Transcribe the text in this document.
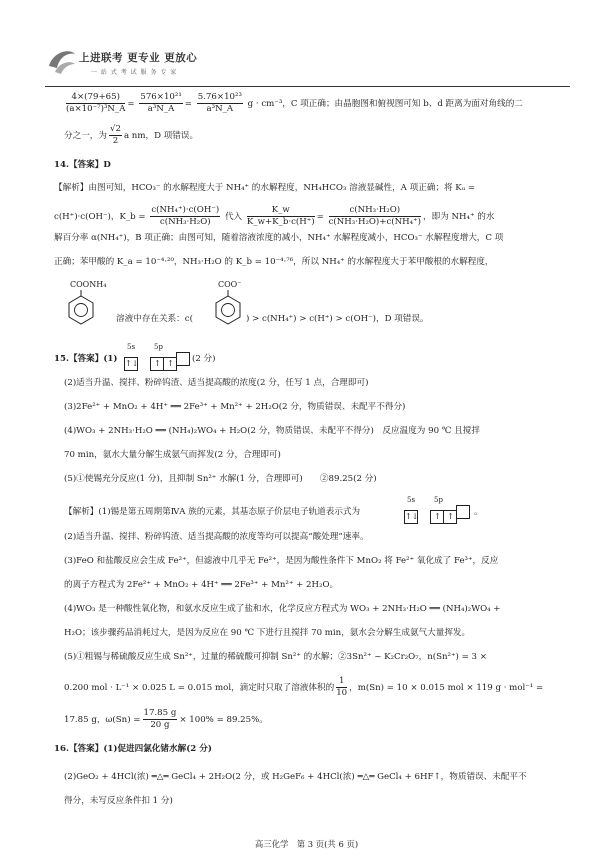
上进联考 更专业 更放心
一 站 式 考 试 服 务 专 家
$\frac{4\times(79+65)}{\text{(a×10⁻⁷)³N\_A}} = \frac{\text{576×10²¹}}{\text{a³N\_A}} = \frac{\text{5.76×10²³}}{\text{a³N\_A}}$ g · cm⁻³，C 项正确；由晶胞图和俯视图可知 b、d 距离为面对角线的二
分之一，为 $\frac{√2}{2}$ a nm，D 项错误。
14.【答案】D
【解析】由图可知，HCO₃⁻ 的水解程度大于 NH₄⁺ 的水解程度，NH₄HCO₃ 溶液显碱性，A 项正确；将 Kᵤ =
c(H⁺)·c(OH⁻)，K_b = $\frac{\text{c(NH₄⁺)·c(OH⁻)}}{\text{c(NH₃·H₂O)}}$ 代入 $\frac{K\_w}{K\_w+K\_b\cdot c(H^+)} = \frac{\text{c(NH₃·H₂O)}}{\text{c(NH₃·H₂O)+c(NH₄⁺)}}$ ，即为 NH₄⁺ 的水
解百分率 α(NH₄⁺)，B 项正确；由图可知，随着溶液浓度的减小，NH₄⁺ 水解程度减小，HCO₃⁻ 水解程度增大，C 项
正确；苯甲酸的 K_a = 10⁻⁴·²⁰，NH₃·H₂O 的 K_b = 10⁻⁴·⁷⁶，所以 NH₄⁺ 的水解程度大于苯甲酸根的水解程度，
COONH₄
溶液中存在关系：c(
COO⁻
) > c(NH₄⁺) > c(H⁺) > c(OH⁻)，D 项错误。
15.【答案】(1)
5s
↑↓
5p
↑ ↑	(2 分)
(2)适当升温、搅拌、粉碎钨渣、适当提高酸的浓度(2 分，任写 1 点，合理即可)
(3)2Fe²⁺ + MnO₂ + 4H⁺ ══ 2Fe³⁺ + Mn²⁺ + 2H₂O(2 分，物质错误、未配平不得分)
(4)WO₃ + 2NH₃·H₂O ══ (NH₄)₂WO₄ + H₂O(2 分，物质错误、未配平不得分)　反应温度为 90 ℃ 且搅拌
70 min，氨水大量分解生成氨气而挥发(2 分，合理即可)
(5)①使锡充分反应(1 分)，且抑制 Sn²⁺ 水解(1 分，合理即可)　　②89.25(2 分)
【解析】(1)锡是第五周期第ⅣA 族的元素，其基态原子价层电子轨道表示式为
5s
↑↓
5p
↑ ↑	。
(2)适当升温、搅拌、粉碎钨渣、适当提高酸的浓度等均可以提高“酸处理”速率。
(3)FeO 和盐酸反应会生成 Fe²⁺，但滤液中几乎无 Fe²⁺，是因为酸性条件下 MnO₂ 将 Fe²⁺ 氧化成了 Fe³⁺，反应
的离子方程式为 2Fe²⁺ + MnO₂ + 4H⁺ ══ 2Fe³⁺ + Mn²⁺ + 2H₂O。
(4)WO₃ 是一种酸性氧化物，和氨水反应生成了盐和水，化学反应方程式为 WO₃ + 2NH₃·H₂O ══ (NH₄)₂WO₄ +
H₂O；该步骤药品消耗过大，是因为反应在 90 ℃ 下进行且搅拌 70 min，氨水会分解生成氨气大量挥发。
(5)①粗锡与稀硫酸反应生成 Sn²⁺，过量的稀硫酸可抑制 Sn²⁺ 的水解；②3Sn²⁺ ~ K₂Cr₂O₇，n(Sn²⁺) = 3 ×
0.200 mol · L⁻¹ × 0.025 L = 0.015 mol，滴定时只取了溶液体积的 $\frac{1}{10}$ ，m(Sn) = 10 × 0.015 mol × 119 g · mol⁻¹ =
17.85 g，$\omega(Sn) = \frac{17.85 g}{20 g} \times 100\% = 89.25\%$。
16.【答案】(1)促进四氯化锗水解(2 分)
(2)GeO₂ + 4HCl(浓) ═△═ GeCl₄ + 2H₂O(2 分，或 H₂GeF₆ + 4HCl(浓) ═△═ GeCl₄ + 6HF↑，物质错误、未配平不
得分，未写反应条件扣 1 分)
高三化学　第 3 页(共 6 页)
